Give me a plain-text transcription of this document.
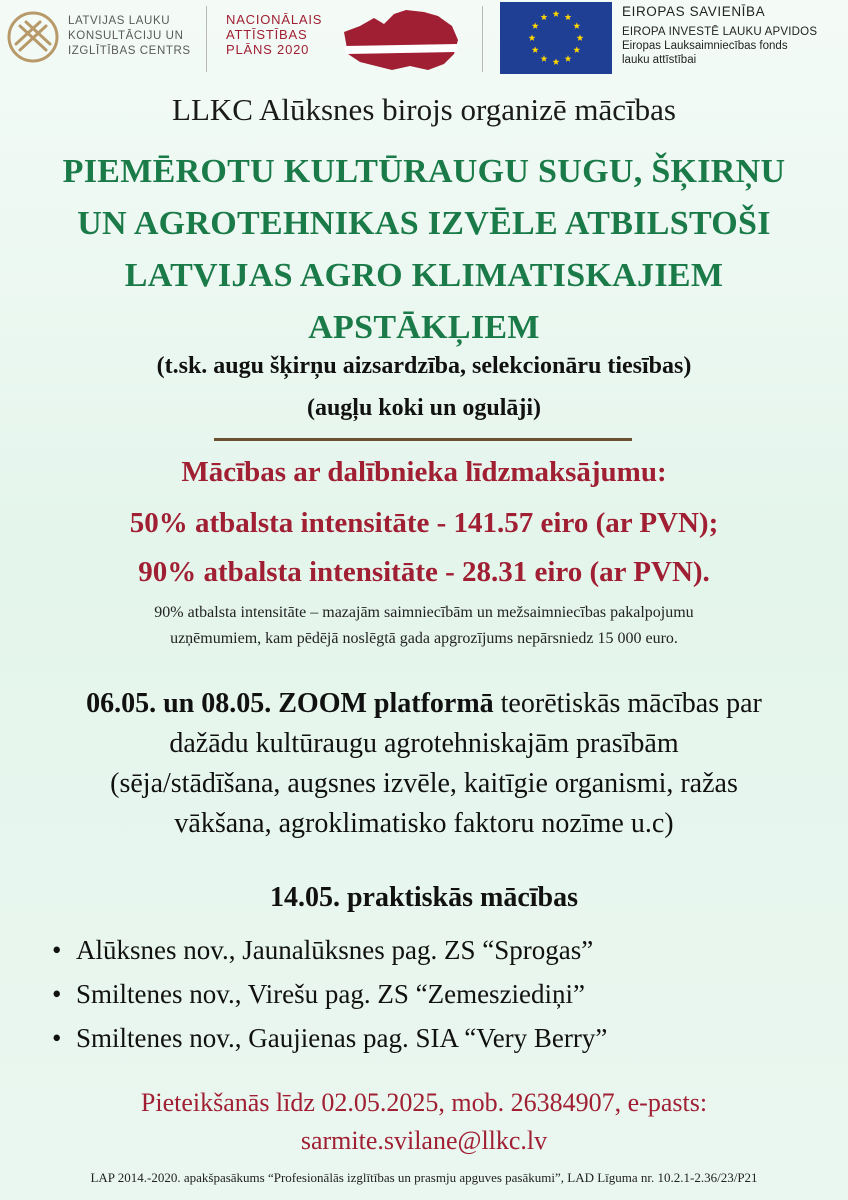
LATVIJAS LAUKU
KONSULTĀCIJU UN
IZGLĪTĪBAS CENTRS
NACIONĀLAIS
ATTĪSTĪBAS
PLĀNS 2020
EIROPAS SAVIENĪBA
EIROPA INVESTĒ LAUKU APVIDOS
Eiropas Lauksaimniecības fonds
lauku attīstībai
LLKC Alūksnes birojs organizē mācības
PIEMĒROTU KULTŪRAUGU SUGU, ŠĶIRŅU
UN AGROTEHNIKAS IZVĒLE ATBILSTOŠI
LATVIJAS AGRO KLIMATISKAJIEM
APSTĀKĻIEM
(t.sk. augu šķirņu aizsardzība, selekcionāru tiesības)
(augļu koki un ogulāji)
Mācības ar dalībnieka līdzmaksājumu:
50% atbalsta intensitāte - 141.57 eiro (ar PVN);
90% atbalsta intensitāte - 28.31 eiro (ar PVN).
90% atbalsta intensitāte – mazajām saimniecībām un mežsaimniecības pakalpojumu
uzņēmumiem, kam pēdējā noslēgtā gada apgrozījums nepārsniedz 15 000 euro.
06.05. un 08.05. ZOOM platformā teorētiskās mācības par
dažādu kultūraugu agrotehniskajām prasībām
(sēja/stādīšana, augsnes izvēle, kaitīgie organismi, ražas
vākšana, agroklimatisko faktoru nozīme u.c)
14.05. praktiskās mācības
• Alūksnes nov., Jaunalūksnes pag. ZS “Sprogas”
• Smiltenes nov., Virešu pag. ZS “Zemesziediņi”
• Smiltenes nov., Gaujienas pag. SIA “Very Berry”
Pieteikšanās līdz 02.05.2025, mob. 26384907, e-pasts:
sarmite.svilane@llkc.lv
LAP 2014.-2020. apakšpasākums “Profesionālās izglītības un prasmju apguves pasākumi”, LAD Līguma nr. 10.2.1-2.36/23/P21
